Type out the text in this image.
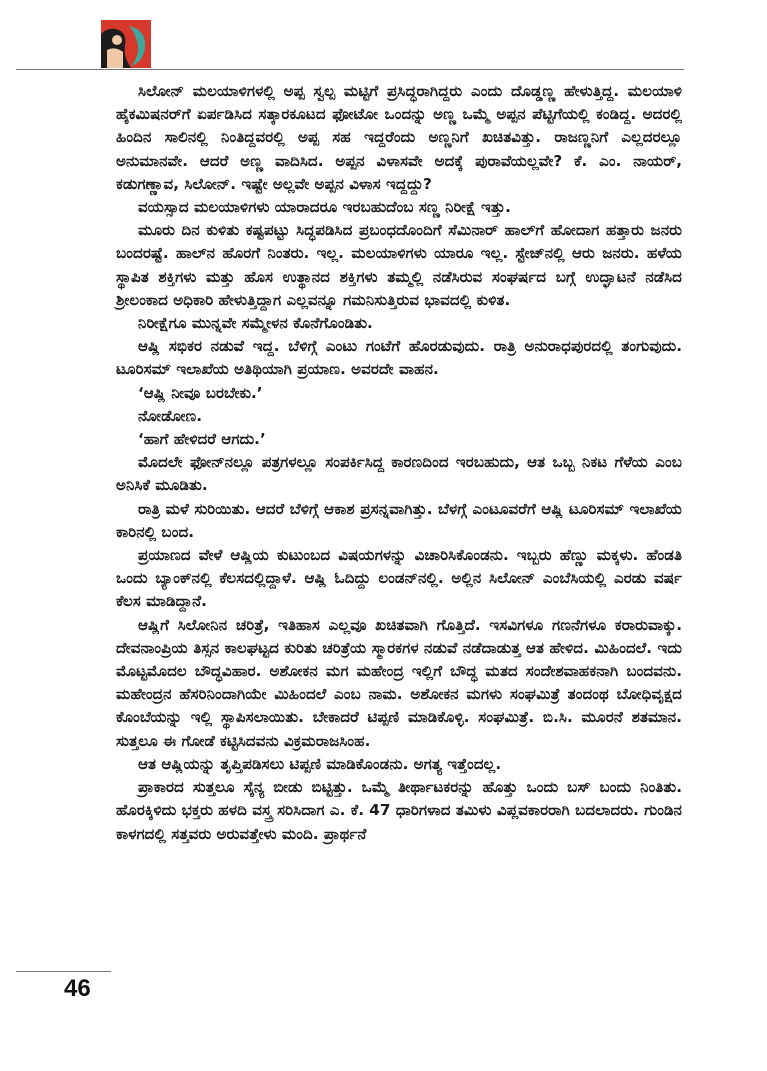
ಸಿಲೋನ್ ಮಲಯಾಳಿಗಳಲ್ಲಿ ಅಪ್ಪ ಸ್ವಲ್ಪ ಮಟ್ಟಿಗೆ ಪ್ರಸಿದ್ಧರಾಗಿದ್ದರು ಎಂದು ದೊಡ್ಡಣ್ಣ ಹೇಳುತ್ತಿದ್ದ. ಮಲಯಾಳಿ ಹೈಕಮಿಷನರ್‌ಗೆ ಏರ್ಪಡಿಸಿದ ಸತ್ಕಾರಕೂಟದ ಫೋಟೋ ಒಂದನ್ನು ಅಣ್ಣ ಒಮ್ಮೆ ಅಪ್ಪನ ಪೆಟ್ಟಿಗೆಯಲ್ಲಿ ಕಂಡಿದ್ದ. ಅದರಲ್ಲಿ ಹಿಂದಿನ ಸಾಲಿನಲ್ಲಿ ನಿಂತಿದ್ದವರಲ್ಲಿ ಅಪ್ಪ ಸಹ ಇದ್ದರೆಂದು ಅಣ್ಣನಿಗೆ ಖಚಿತವಿತ್ತು. ರಾಜಣ್ಣನಿಗೆ ಎಲ್ಲದರಲ್ಲೂ ಅನುಮಾನವೇ. ಆದರೆ ಅಣ್ಣ ವಾದಿಸಿದ. ಅಪ್ಪನ ವಿಳಾಸವೇ ಅದಕ್ಕೆ ಪುರಾವೆಯಲ್ಲವೇ? ಕೆ. ಎಂ. ನಾಯರ್, ಕಡುಗಣ್ಣಾವ, ಸಿಲೋನ್. ಇಷ್ಟೇ ಅಲ್ಲವೇ ಅಪ್ಪನ ವಿಳಾಸ ಇದ್ದದ್ದು?

ವಯಸ್ಸಾದ ಮಲಯಾಳಿಗಳು ಯಾರಾದರೂ ಇರಬಹುದೆಂಬ ಸಣ್ಣ ನಿರೀಕ್ಷೆ ಇತ್ತು.

ಮೂರು ದಿನ ಕುಳಿತು ಕಷ್ಟಪಟ್ಟು ಸಿದ್ಧಪಡಿಸಿದ ಪ್ರಬಂಧದೊಂದಿಗೆ ಸೆಮಿನಾರ್ ಹಾಲ್‌ಗೆ ಹೋದಾಗ ಹತ್ತಾರು ಜನರು ಬಂದರಷ್ಟೆ. ಹಾಲ್‌ನ ಹೊರಗೆ ನಿಂತರು. ಇಲ್ಲ. ಮಲಯಾಳಿಗಳು ಯಾರೂ ಇಲ್ಲ. ಸ್ಟೇಜ್‌ನಲ್ಲಿ ಆರು ಜನರು. ಹಳೆಯ ಸ್ಥಾಪಿತ ಶಕ್ತಿಗಳು ಮತ್ತು ಹೊಸ ಉತ್ಥಾನದ ಶಕ್ತಿಗಳು ತಮ್ಮಲ್ಲಿ ನಡೆಸಿರುವ ಸಂಘರ್ಷದ ಬಗ್ಗೆ ಉದ್ಘಾಟನೆ ನಡೆಸಿದ ಶ್ರೀಲಂಕಾದ ಅಧಿಕಾರಿ ಹೇಳುತ್ತಿದ್ದಾಗ ಎಲ್ಲವನ್ನೂ ಗಮನಿಸುತ್ತಿರುವ ಭಾವದಲ್ಲಿ ಕುಳಿತ.

ನಿರೀಕ್ಷೆಗೂ ಮುನ್ನವೇ ಸಮ್ಮೇಳನ ಕೊನೆಗೊಂಡಿತು.

ಆಷ್ಲಿ ಸಭಿಕರ ನಡುವೆ ಇದ್ದ. ಬೆಳಿಗ್ಗೆ ಎಂಟು ಗಂಟೆಗೆ ಹೊರಡುವುದು. ರಾತ್ರಿ ಅನುರಾಧಪುರದಲ್ಲಿ ತಂಗುವುದು. ಟೂರಿಸಮ್ ಇಲಾಖೆಯ ಅತಿಥಿಯಾಗಿ ಪ್ರಯಾಣ. ಅವರದೇ ವಾಹನ.

‘ಆಷ್ಲಿ ನೀವೂ ಬರಬೇಕು.’

ನೋಡೋಣ.

‘ಹಾಗೆ ಹೇಳಿದರೆ ಆಗದು.’

ಮೊದಲೇ ಫೋನ್‌ನಲ್ಲೂ ಪತ್ರಗಳಲ್ಲೂ ಸಂಪರ್ಕಿಸಿದ್ದ ಕಾರಣದಿಂದ ಇರಬಹುದು, ಆತ ಒಬ್ಬ ನಿಕಟ ಗೆಳೆಯ ಎಂಬ ಅನಿಸಿಕೆ ಮೂಡಿತು.

ರಾತ್ರಿ ಮಳೆ ಸುರಿಯಿತು. ಆದರೆ ಬೆಳಿಗ್ಗೆ ಆಕಾಶ ಪ್ರಸನ್ನವಾಗಿತ್ತು. ಬೆಳಗ್ಗೆ ಎಂಟೂವರೆಗೆ ಆಷ್ಲಿ ಟೂರಿಸಮ್ ಇಲಾಖೆಯ ಕಾರಿನಲ್ಲಿ ಬಂದ.

ಪ್ರಯಾಣದ ವೇಳೆ ಆಷ್ಲಿಯ ಕುಟುಂಬದ ವಿಷಯಗಳನ್ನು ವಿಚಾರಿಸಿಕೊಂಡನು. ಇಬ್ಬರು ಹೆಣ್ಣು ಮಕ್ಕಳು. ಹೆಂಡತಿ ಒಂದು ಬ್ಯಾಂಕ್‌ನಲ್ಲಿ ಕೆಲಸದಲ್ಲಿದ್ದಾಳೆ. ಆಷ್ಲಿ ಓದಿದ್ದು ಲಂಡನ್‌ನಲ್ಲಿ. ಅಲ್ಲಿನ ಸಿಲೋನ್ ಎಂಬೆಸಿಯಲ್ಲಿ ಎರಡು ವರ್ಷ ಕೆಲಸ ಮಾಡಿದ್ದಾನೆ.

ಆಷ್ಲಿಗೆ ಸಿಲೋನಿನ ಚರಿತ್ರೆ, ಇತಿಹಾಸ ಎಲ್ಲವೂ ಖಚಿತವಾಗಿ ಗೊತ್ತಿದೆ. ಇಸವಿಗಳೂ ಗಣನೆಗಳೂ ಕರಾರುವಾಕ್ಕು. ದೇವನಾಂಪ್ರಿಯ ತಿಸ್ಸನ ಕಾಲಘಟ್ಟದ ಕುರಿತು ಚರಿತ್ರೆಯ ಸ್ಮಾರಕಗಳ ನಡುವೆ ನಡೆದಾಡುತ್ತ ಆತ ಹೇಳಿದ. ಮಿಹಿಂದಲೆ. ಇದು ಮೊಟ್ಟಮೊದಲ ಬೌದ್ಧವಿಹಾರ. ಅಶೋಕನ ಮಗ ಮಹೇಂದ್ರ ಇಲ್ಲಿಗೆ ಬೌದ್ಧ ಮತದ ಸಂದೇಶವಾಹಕನಾಗಿ ಬಂದವನು. ಮಹೇಂದ್ರನ ಹೆಸರಿನಿಂದಾಗಿಯೇ ಮಿಹಿಂದಲೆ ಎಂಬ ನಾಮ. ಅಶೋಕನ ಮಗಳು ಸಂಘಮಿತ್ರೆ ತಂದಂಥ ಬೋಧಿವೃಕ್ಷದ ಕೊಂಬೆಯನ್ನು ಇಲ್ಲಿ ಸ್ಥಾಪಿಸಲಾಯಿತು. ಬೇಕಾದರೆ ಟಿಪ್ಪಣಿ ಮಾಡಿಕೊಳ್ಳಿ. ಸಂಘಮಿತ್ರೆ. ಬಿ.ಸಿ. ಮೂರನೆ ಶತಮಾನ. ಸುತ್ತಲೂ ಈ ಗೋಡೆ ಕಟ್ಟಿಸಿದವನು ವಿಕ್ರಮರಾಜಸಿಂಹ.

ಆತ ಆಷ್ಲಿಯನ್ನು ತೃಪ್ತಿಪಡಿಸಲು ಟಿಪ್ಪಣಿ ಮಾಡಿಕೊಂಡನು. ಅಗತ್ಯ ಇತ್ತೆಂದಲ್ಲ.

ಪ್ರಾಕಾರದ ಸುತ್ತಲೂ ಸೈನ್ಯ ಬೀಡು ಬಿಟ್ಟಿತ್ತು. ಒಮ್ಮೆ ತೀರ್ಥಾಟಕರನ್ನು ಹೊತ್ತು ಒಂದು ಬಸ್ ಬಂದು ನಿಂತಿತು. ಹೊರಕ್ಕಿಳಿದು ಭಕ್ತರು ಹಳದಿ ವಸ್ತ್ರ ಸರಿಸಿದಾಗ ಎ. ಕೆ. 47 ಧಾರಿಗಳಾದ ತಮಿಳು ವಿಪ್ಲವಕಾರರಾಗಿ ಬದಲಾದರು. ಗುಂಡಿನ ಕಾಳಗದಲ್ಲಿ ಸತ್ತವರು ಅರುವತ್ತೇಳು ಮಂದಿ. ಪ್ರಾರ್ಥನೆ

46
